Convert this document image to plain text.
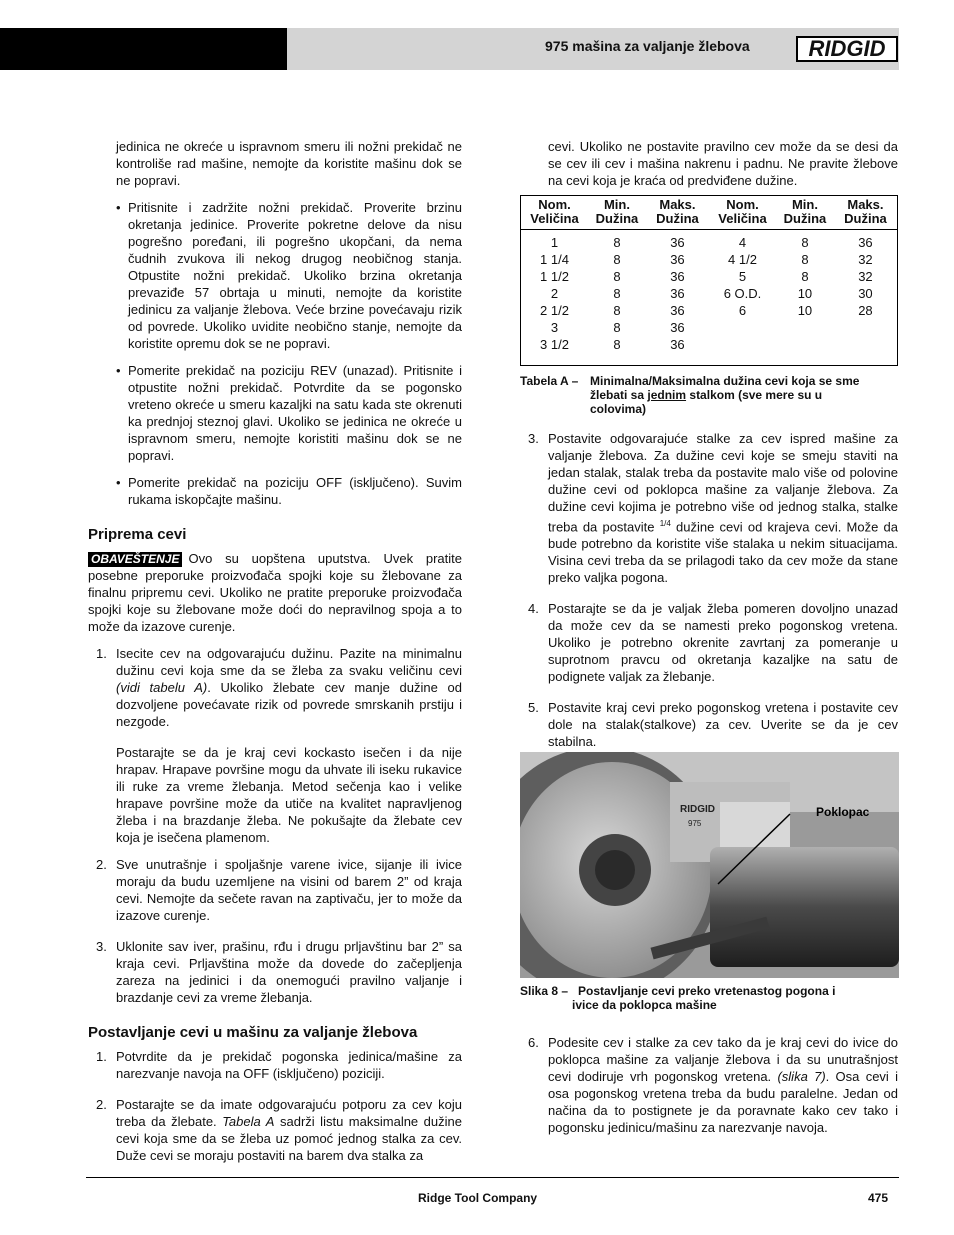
975 mašina za valjanje žlebova	RIDGID

jedinica ne okreće u ispravnom smeru ili nožni prekidač ne kontroliše rad mašine, nemojte da koristite mašinu dok se ne popravi.

• Pritisnite i zadržite nožni prekidač. Proverite brzinu okretanja jedinice. Proverite pokretne delove da nisu pogrešno poređani, ili pogrešno ukopčani, da nema čudnih zvukova ili nekog drugog neobičnog stanja. Otpustite nožni prekidač. Ukoliko brzina okretanja prevaziđe 57 obrtaja u minuti, nemojte da koristite jedinicu za valjanje žlebova. Veće brzine povećavaju rizik od povrede. Ukoliko uvidite neobično stanje, nemojte da koristite opremu dok se ne popravi.
• Pomerite prekidač na poziciju REV (unazad). Pritisnite i otpustite nožni prekidač. Potvrdite da se pogonsko vreteno okreće u smeru kazaljki na satu kada ste okrenuti ka prednjoj steznoj glavi. Ukoliko se jedinica ne okreće u ispravnom smeru, nemojte koristiti mašinu dok se ne popravi.
• Pomerite prekidač na poziciju OFF (isključeno). Suvim rukama iskopčajte mašinu.
Priprema cevi

OBAVEŠTENJE Ovo su uopštena uputstva. Uvek pratite posebne preporuke proizvođača spojki koje su žlebovane za finalnu pripremu cevi. Ukoliko ne pratite preporuke proizvođača spojki koje su žlebovane može doći do nepravilnog spoja a to može da izazove curenje.

1. Isecite cev na odgovarajuću dužinu. Pazite na minimalnu dužinu cevi koja sme da se žleba za svaku veličinu cevi (vidi tabelu A). Ukoliko žlebate cev manje dužine od dozvoljene povećavate rizik od povrede smrskanih prstiju i nezgode.

Postarajte se da je kraj cevi kockasto isečen i da nije hrapav. Hrapave površine mogu da uhvate ili iseku rukavice ili ruke za vreme žlebanja. Metod sečenja kao i velike hrapave površine može da utiče na kvalitet napravljenog žleba i na brazdanje žleba. Ne pokušajte da žlebate cev koja je isečena plamenom.

2. Sve unutrašnje i spoljašnje varene ivice, sijanje ili ivice moraju da budu uzemljene na visini od barem 2” od kraja cevi. Nemojte da sečete ravan na zaptivaču, jer to može da izazove curenje.
3. Uklonite sav iver, prašinu, rđu i drugu prljavštinu bar 2” sa kraja cevi. Prljavština može da dovede do začepljenja zareza na jedinici i da onemogući pravilno valjanje i brazdanje cevi za vreme žlebanja.
Postavljanje cevi u mašinu za valjanje žlebova
1. Potvrdite da je prekidač pogonska jedinica/mašine za narezvanje navoja na OFF (isključeno) poziciji.
2. Postarajte se da imate odgovarajuću potporu za cev koju treba da žlebate. Tabela A sadrži listu maksimalne dužine cevi koja sme da se žleba uz pomoć jednog stalka za cev. Duže cevi se moraju postaviti na barem dva stalka za

cevi. Ukoliko ne postavite pravilno cev može da se desi da se cev ili cev i mašina nakrenu i padnu. Ne pravite žlebove na cevi koja je kraća od predviđene dužine.

Nom. Veličina	Min. Dužina	Maks. Dužina	Nom. Veličina	Min. Dužina	Maks. Dužina
1	8	36	4	8	36
1 1/4	8	36	4 1/2	8	32
1 1/2	8	36	5	8	32
2	8	36	6 O.D.	10	30
2 1/2	8	36	6	10	28
3	8	36			
3 1/2	8	36			
Tabela A – Minimalna/Maksimalna dužina cevi koja se sme
žlebati sa jednim stalkom (sve mere su u
colovima)
3. Postavite odgovarajuće stalke za cev ispred mašine za valjanje žlebova. Za dužine cevi koje se smeju staviti na jedan stalak, stalak treba da postavite malo više od polovine dužine cevi od poklopca mašine za valjanje žlebova. Za dužine cevi kojima je potrebno više od jednog stalka, stalke treba da postavite $^{1/4}$ dužine cevi od krajeva cevi. Može da bude potrebno da koristite više stalaka u nekim situacijama. Visina cevi treba da se prilagodi tako da cev može da stane preko valjka pogona.
4. Postarajte se da je valjak žleba pomeren dovoljno unazad da može cev da se namesti preko pogonskog vretena. Ukoliko je potrebno okrenite zavrtanj za pomeranje u suprotnom pravcu od okretanja kazaljke na satu de podignete valjak za žlebanje.
5. Postavite kraj cevi preko pogonskog vretena i postavite cev dole na stalak(stalkove) za cev. Uverite se da je cev stabilna.
RIDGID
975
Poklopac
Slika 8 – Postavljanje cevi preko vretenastog pogona i
ivice da poklopca mašine
6. Podesite cev i stalke za cev tako da je kraj cevi do ivice do poklopca mašine za valjanje žlebova i da su unutrašnjost cevi dodiruje vrh pogonskog vretena. (slika 7). Osa cevi i osa pogonskog vretena treba da budu paralelne. Jedan od načina da to postignete je da poravnate kako cev tako i pogonsku jedinicu/mašinu za narezvanje navoja.
Ridge Tool Company	475
